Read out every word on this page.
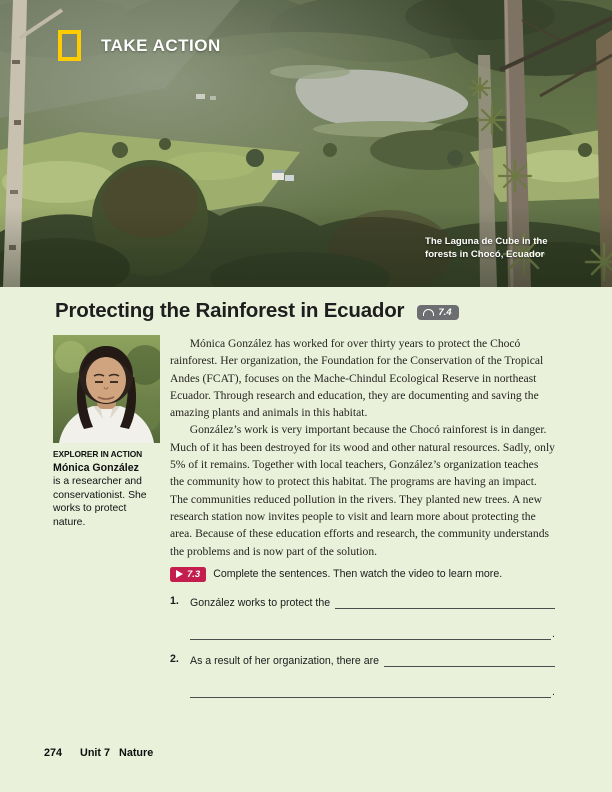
TAKE ACTION
The Laguna de Cube in the
forests in Chocó, Ecuador
Protecting the Rainforest in Ecuador	7.4
EXPLORER IN ACTION
Mónica González
is a researcher and conservationist. She works to protect nature.

Mónica González has worked for over thirty years to protect the Chocó rainforest. Her organization, the Foundation for the Conservation of the Tropical Andes (FCAT), focuses on the Mache-Chindul Ecological Reserve in northeast Ecuador. Through research and education, they are documenting and saving the amazing plants and animals in this habitat.

González’s work is very important because the Chocó rainforest is in danger. Much of it has been destroyed for its wood and other natural resources. Sadly, only 5% of it remains. Together with local teachers, González’s organization teaches the community how to protect this habitat. The programs are having an impact. The communities reduced pollution in the rivers. They planted new trees. A new research station now invites people to visit and learn more about protecting the area. Because of these education efforts and research, the community understands the problems and is now part of the solution.

7.3 Complete the sentences. Then watch the video to learn more.
1.	González works to protect the
.
2.	As a result of her organization, there are
.
274 Unit 7 Nature
